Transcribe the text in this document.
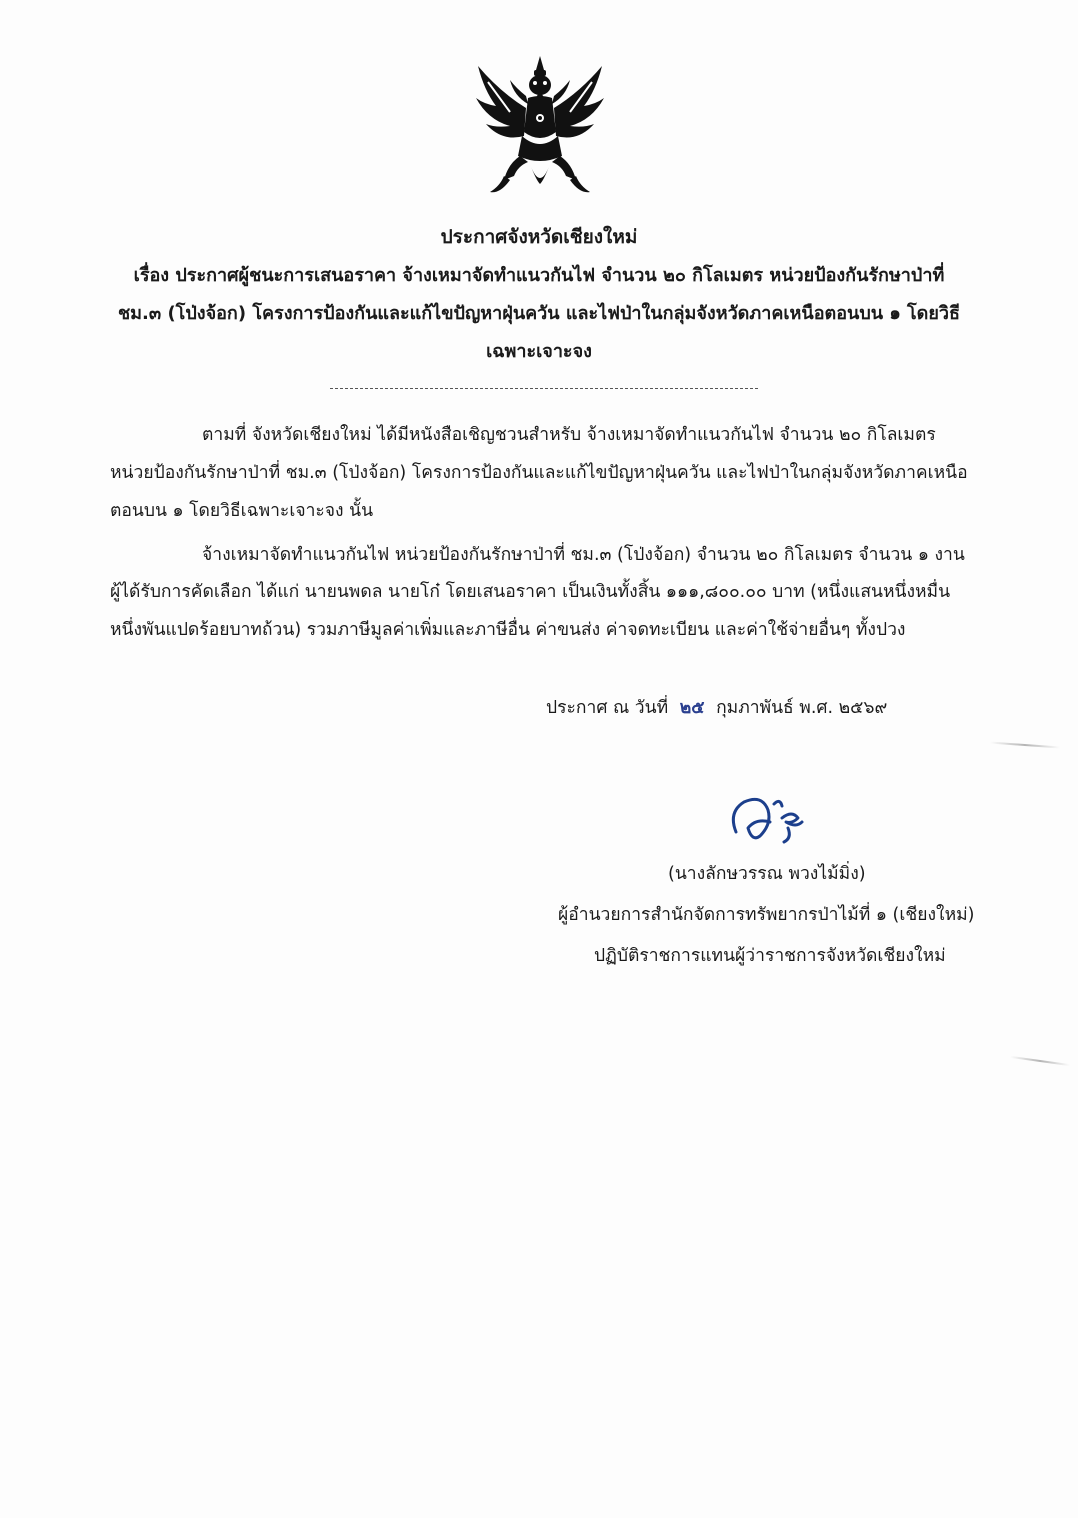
ประกาศจังหวัดเชียงใหม่
เรื่อง ประกาศผู้ชนะการเสนอราคา จ้างเหมาจัดทำแนวกันไฟ จำนวน ๒๐ กิโลเมตร หน่วยป้องกันรักษาป่าที่
ชม.๓ (โป่งจ้อก) โครงการป้องกันและแก้ไขปัญหาฝุ่นควัน และไฟป่าในกลุ่มจังหวัดภาคเหนือตอนบน ๑ โดยวิธี
เฉพาะเจาะจง
ตามที่ จังหวัดเชียงใหม่ ได้มีหนังสือเชิญชวนสำหรับ จ้างเหมาจัดทำแนวกันไฟ จำนวน ๒๐ กิโลเมตร
หน่วยป้องกันรักษาป่าที่ ชม.๓ (โป่งจ้อก) โครงการป้องกันและแก้ไขปัญหาฝุ่นควัน และไฟป่าในกลุ่มจังหวัดภาคเหนือ
ตอนบน ๑ โดยวิธีเฉพาะเจาะจง นั้น
จ้างเหมาจัดทำแนวกันไฟ หน่วยป้องกันรักษาป่าที่ ชม.๓ (โป่งจ้อก) จำนวน ๒๐ กิโลเมตร จำนวน ๑ งาน
ผู้ได้รับการคัดเลือก ได้แก่ นายนพดล นายโก๋ โดยเสนอราคา เป็นเงินทั้งสิ้น ๑๑๑,๘๐๐.๐๐ บาท (หนึ่งแสนหนึ่งหมื่น
หนึ่งพันแปดร้อยบาทถ้วน) รวมภาษีมูลค่าเพิ่มและภาษีอื่น ค่าขนส่ง ค่าจดทะเบียน และค่าใช้จ่ายอื่นๆ ทั้งปวง
ประกาศ ณ วันที่ ๒๕ กุมภาพันธ์ พ.ศ. ๒๕๖๙
(นางลักษวรรณ พวงไม้มิ่ง)
ผู้อำนวยการสำนักจัดการทรัพยากรป่าไม้ที่ ๑ (เชียงใหม่)
ปฏิบัติราชการแทนผู้ว่าราชการจังหวัดเชียงใหม่
